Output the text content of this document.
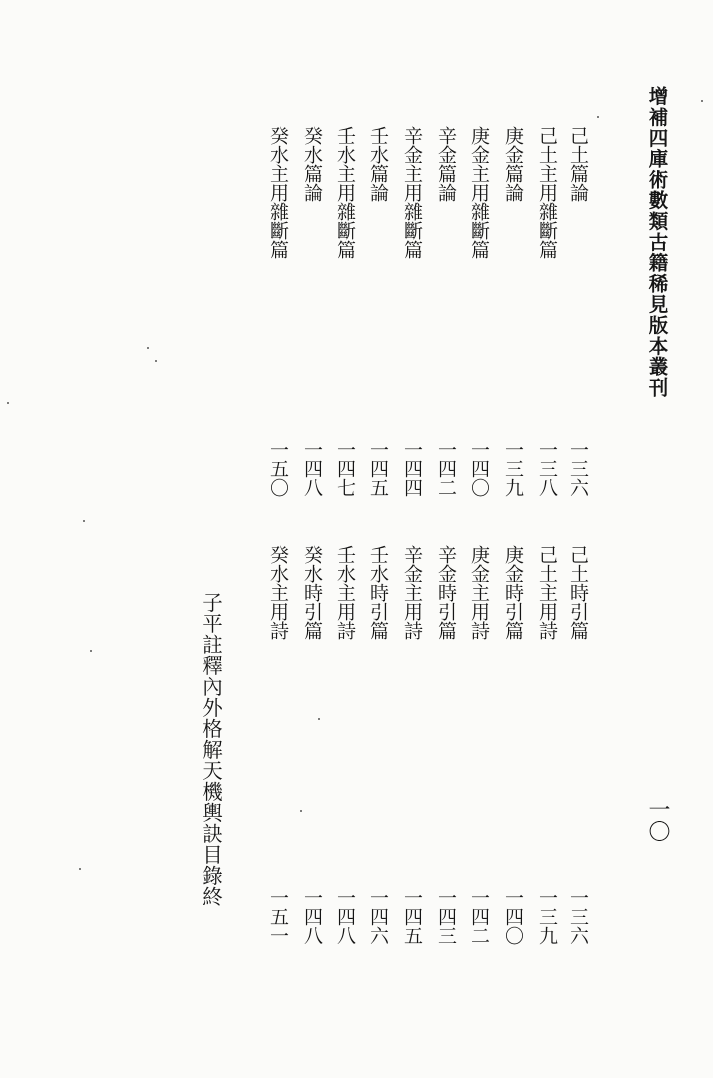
增補四庫術數類古籍稀見版本叢刊
一〇
己土篇論
己土主用雜斷篇
庚金篇論
庚金主用雜斷篇
辛金篇論
辛金主用雜斷篇
壬水篇論
壬水主用雜斷篇
癸水篇論
癸水主用雜斷篇
一三六
一三八
一三九
一四〇
一四二
一四四
一四五
一四七
一四八
一五〇
己土時引篇
己土主用詩
庚金時引篇
庚金主用詩
辛金時引篇
辛金主用詩
壬水時引篇
壬水主用詩
癸水時引篇
癸水主用詩
一三六
一三九
一四〇
一四二
一四三
一四五
一四六
一四八
一四八
一五一
子平註釋內外格解天機輿訣目錄終
